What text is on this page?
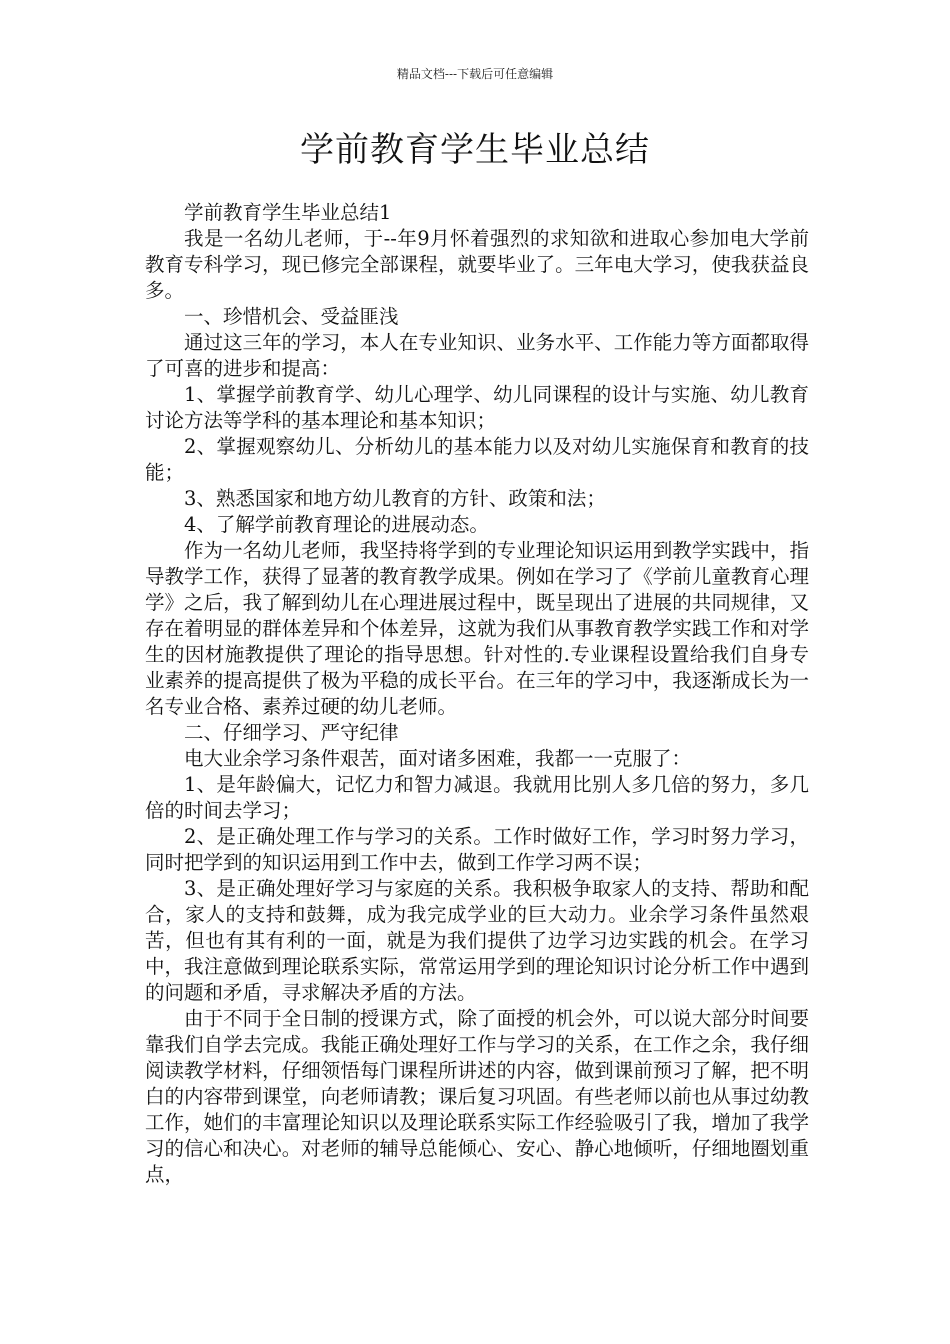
精品文档---下载后可任意编辑
学前教育学生毕业总结

学前教育学生毕业总结1

我是一名幼儿老师，于--年9月怀着强烈的求知欲和进取心参加电大学前教育专科学习，现已修完全部课程，就要毕业了。三年电大学习，使我获益良多。

一、珍惜机会、受益匪浅

通过这三年的学习，本人在专业知识、业务水平、工作能力等方面都取得了可喜的进步和提高：

1、掌握学前教育学、幼儿心理学、幼儿同课程的设计与实施、幼儿教育讨论方法等学科的基本理论和基本知识；

2、掌握观察幼儿、分析幼儿的基本能力以及对幼儿实施保育和教育的技能；

3、熟悉国家和地方幼儿教育的方针、政策和法；

4、了解学前教育理论的进展动态。

作为一名幼儿老师，我坚持将学到的专业理论知识运用到教学实践中，指导教学工作，获得了显著的教育教学成果。例如在学习了《学前儿童教育心理学》之后，我了解到幼儿在心理进展过程中，既呈现出了进展的共同规律，又存在着明显的群体差异和个体差异，这就为我们从事教育教学实践工作和对学生的因材施教提供了理论的指导思想。针对性的.专业课程设置给我们自身专业素养的提高提供了极为平稳的成长平台。在三年的学习中，我逐渐成长为一名专业合格、素养过硬的幼儿老师。

二、仔细学习、严守纪律

电大业余学习条件艰苦，面对诸多困难，我都一一克服了：

1、是年龄偏大，记忆力和智力减退。我就用比别人多几倍的努力，多几倍的时间去学习；

2、是正确处理工作与学习的关系。工作时做好工作，学习时努力学习，同时把学到的知识运用到工作中去，做到工作学习两不误；

3、是正确处理好学习与家庭的关系。我积极争取家人的支持、帮助和配合，家人的支持和鼓舞，成为我完成学业的巨大动力。业余学习条件虽然艰苦，但也有其有利的一面，就是为我们提供了边学习边实践的机会。在学习中，我注意做到理论联系实际，常常运用学到的理论知识讨论分析工作中遇到的问题和矛盾，寻求解决矛盾的方法。

由于不同于全日制的授课方式，除了面授的机会外，可以说大部分时间要靠我们自学去完成。我能正确处理好工作与学习的关系，在工作之余，我仔细阅读教学材料，仔细领悟每门课程所讲述的内容，做到课前预习了解，把不明白的内容带到课堂，向老师请教；课后复习巩固。有些老师以前也从事过幼教工作，她们的丰富理论知识以及理论联系实际工作经验吸引了我，增加了我学习的信心和决心。对老师的辅导总能倾心、安心、静心地倾听，仔细地圈划重点，
